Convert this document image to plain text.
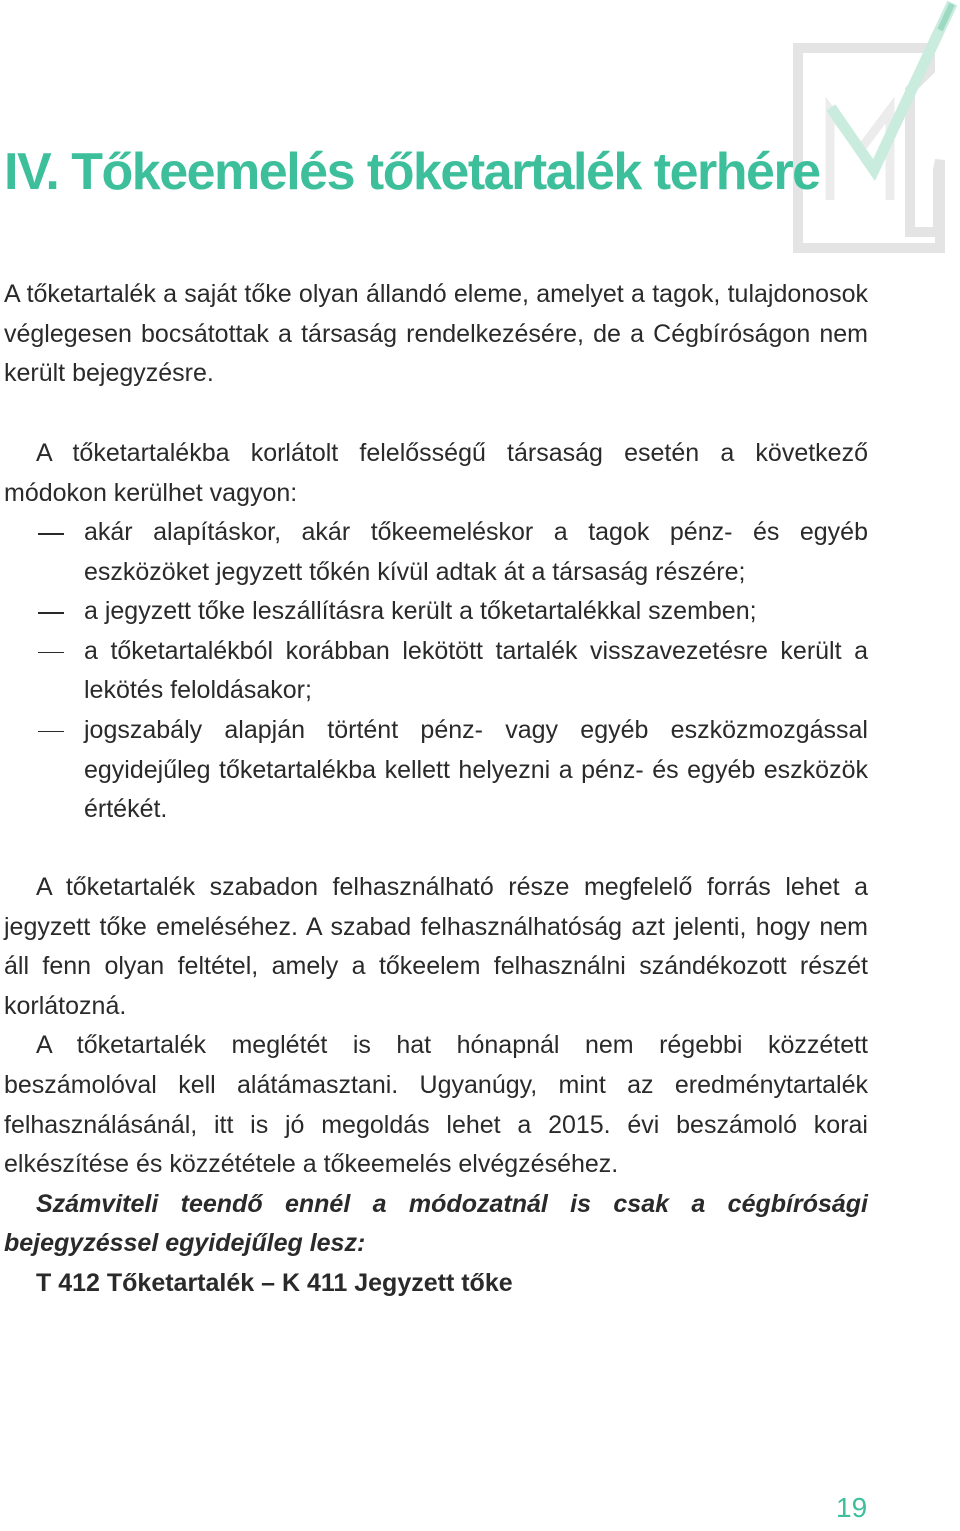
IV. Tőkeemelés tőketartalék terhére

A tőketartalék a saját tőke olyan állandó eleme, amelyet a tagok, tulajdonosok véglegesen bocsátottak a társaság rendelkezésére, de a Cégbíróságon nem került bejegyzésre.

A tőketartalékba korlátolt felelősségű társaság esetén a következő módokon kerülhet vagyon:

akár alapításkor, akár tőkeemeléskor a tagok pénz- és egyéb eszközöket jegyzett tőkén kívül adtak át a társaság részére;
a jegyzett tőke leszállításra került a tőketartalékkal szemben;
a tőketartalékból korábban lekötött tartalék visszavezetésre került a lekötés feloldásakor;
jogszabály alapján történt pénz- vagy egyéb eszközmozgással egyidejűleg tőketartalékba kellett helyezni a pénz- és egyéb eszközök értékét.
A tőketartalék szabadon felhasználható része megfelelő forrás lehet a jegyzett tőke emeléséhez. A szabad felhasználhatóság azt jelenti, hogy nem áll fenn olyan feltétel, amely a tőkeelem felhasználni szándékozott részét korlátozná.
A tőketartalék meglétét is hat hónapnál nem régebbi közzétett beszámolóval kell alátámasztani. Ugyanúgy, mint az eredménytartalék felhasználásánál, itt is jó megoldás lehet a 2015. évi beszámoló korai elkészítése és közzététele a tőkeemelés elvégzéséhez.
Számviteli teendő ennél a módozatnál is csak a cégbírósági bejegyzéssel egyidejűleg lesz:
T 412 Tőketartalék – K 411 Jegyzett tőke
19
